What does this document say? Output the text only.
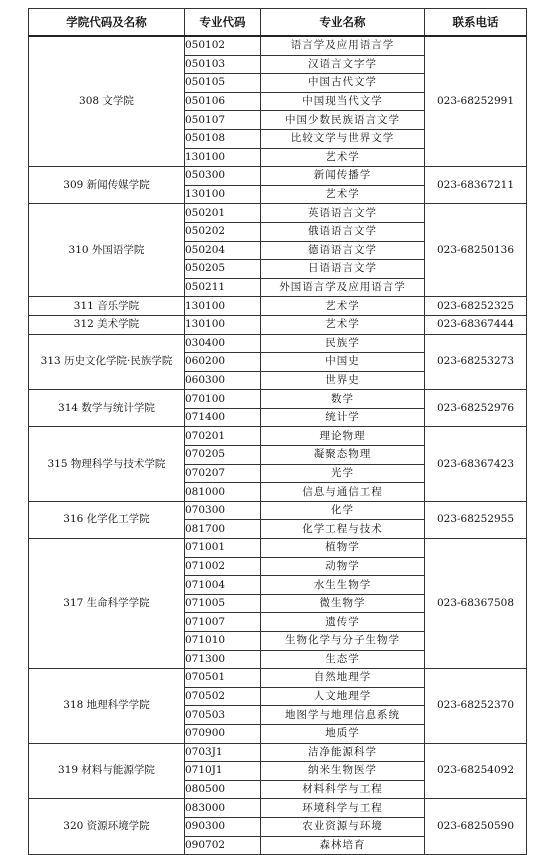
学院代码及名称	专业代码	专业名称	联系电话
308 文学院	050102	语言学及应用语言学	023-68252991
	050103	汉语言文字学	
	050105	中国古代文学	
	050106	中国现当代文学	
	050107	中国少数民族语言文学	
	050108	比较文学与世界文学	
	130100	艺术学	
309 新闻传媒学院	050300	新闻传播学	023-68367211
	130100	艺术学	
310 外国语学院	050201	英语语言文学	023-68250136
	050202	俄语语言文学	
	050204	德语语言文学	
	050205	日语语言文学	
	050211	外国语言学及应用语言学	
311 音乐学院	130100	艺术学	023-68252325
312 美术学院	130100	艺术学	023-68367444
313 历史文化学院·民族学院	030400	民族学	023-68253273
	060200	中国史	
	060300	世界史	
314 数学与统计学院	070100	数学	023-68252976
	071400	统计学	
315 物理科学与技术学院	070201	理论物理	023-68367423
	070205	凝聚态物理	
	070207	光学	
	081000	信息与通信工程	
316 化学化工学院	070300	化学	023-68252955
	081700	化学工程与技术	
317 生命科学学院	071001	植物学	023-68367508
	071002	动物学	
	071004	水生生物学	
	071005	微生物学	
	071007	遗传学	
	071010	生物化学与分子生物学	
	071300	生态学	
318 地理科学学院	070501	自然地理学	023-68252370
	070502	人文地理学	
	070503	地图学与地理信息系统	
	070900	地质学	
319 材料与能源学院	0703J1	洁净能源科学	023-68254092
	0710J1	纳米生物医学	
	080500	材料科学与工程	
320 资源环境学院	083000	环境科学与工程	023-68250590
	090300	农业资源与环境	
	090702	森林培育	
